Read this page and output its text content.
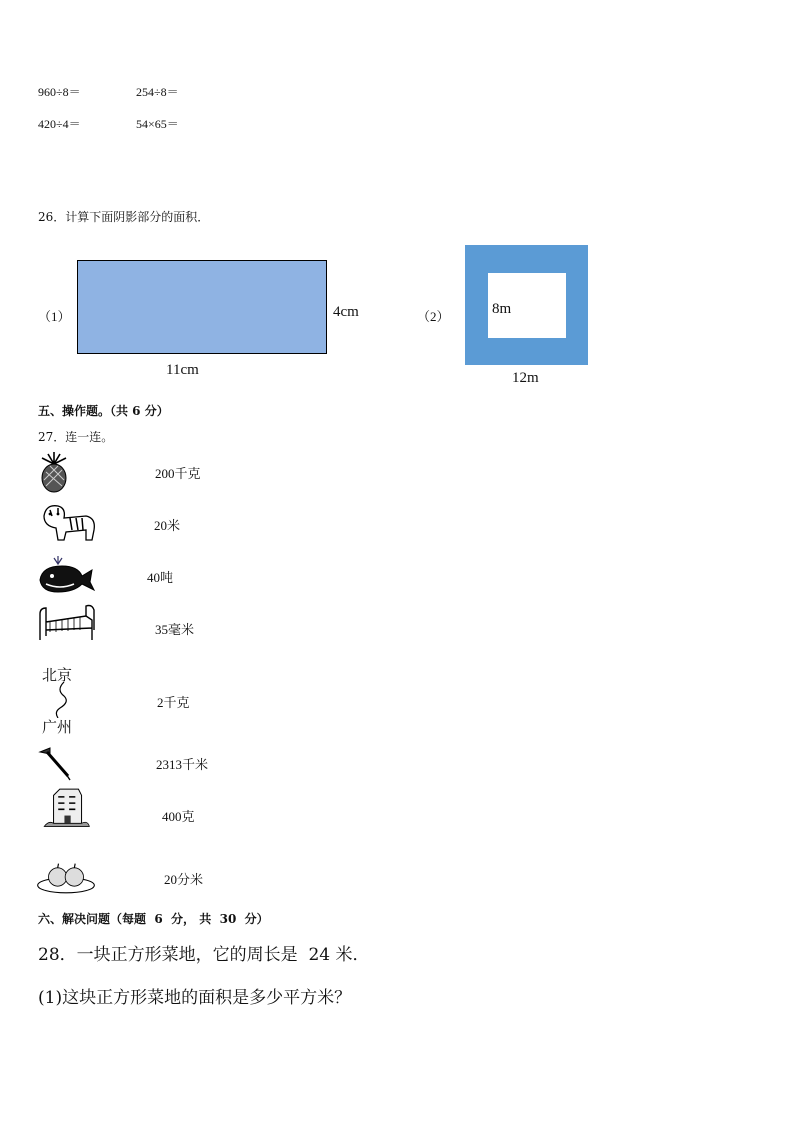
960÷8＝	254÷8＝
420÷4＝	54×65＝
26．计算下面阴影部分的面积．
（1）	4cm
11cm
（2）	8m
12m
五、操作题。（共 6 分）
27．连一连。
北京
广州
200千克
20米
40吨
35毫米
2千克
2313千米
400克
20分米
六、解决问题（每题  6  分， 共  30  分）
28．一块正方形菜地，它的周长是  24 米．
(1)这块正方形菜地的面积是多少平方米？
